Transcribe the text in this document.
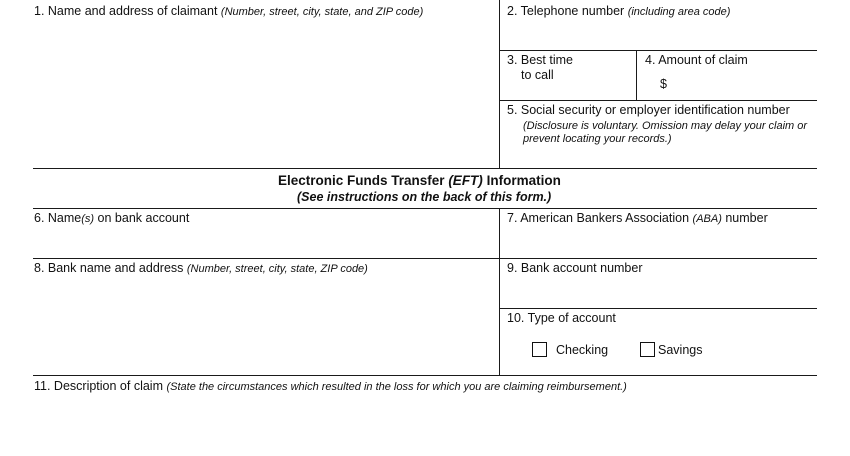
1. Name and address of claimant (Number, street, city, state, and ZIP code)	2. Telephone number (including area code)
3. Best time
to call
4. Amount of claim
$
5. Social security or employer identification number
(Disclosure is voluntary. Omission may delay your claim or
prevent locating your records.)
Electronic Funds Transfer (EFT) Information
(See instructions on the back of this form.)
6. Name(s) on bank account	7. American Bankers Association (ABA) number
8. Bank name and address (Number, street, city, state, ZIP code)	9. Bank account number
10. Type of account
Checking	Savings
11. Description of claim (State the circumstances which resulted in the loss for which you are claiming reimbursement.)
